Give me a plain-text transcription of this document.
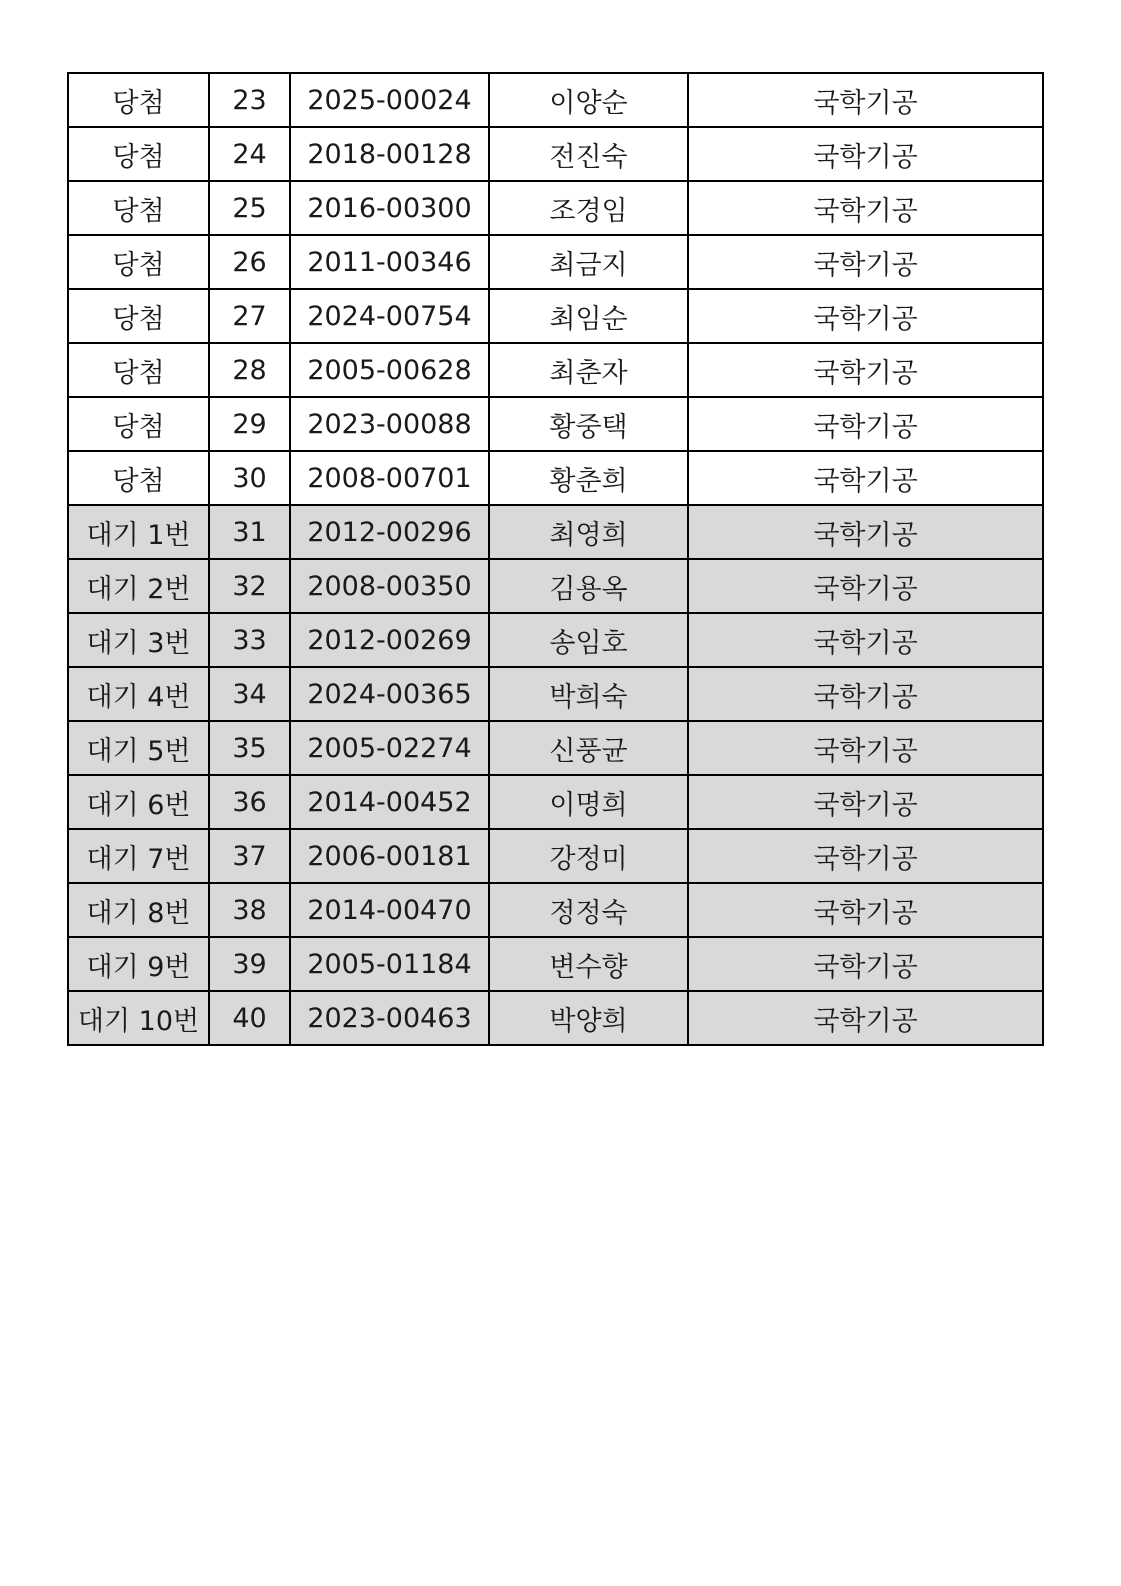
당첨	23	2025-00024	이양순	국학기공
당첨	24	2018-00128	전진숙	국학기공
당첨	25	2016-00300	조경임	국학기공
당첨	26	2011-00346	최금지	국학기공
당첨	27	2024-00754	최임순	국학기공
당첨	28	2005-00628	최춘자	국학기공
당첨	29	2023-00088	황중택	국학기공
당첨	30	2008-00701	황춘희	국학기공
대기 1번	31	2012-00296	최영희	국학기공
대기 2번	32	2008-00350	김용옥	국학기공
대기 3번	33	2012-00269	송임호	국학기공
대기 4번	34	2024-00365	박희숙	국학기공
대기 5번	35	2005-02274	신풍균	국학기공
대기 6번	36	2014-00452	이명희	국학기공
대기 7번	37	2006-00181	강정미	국학기공
대기 8번	38	2014-00470	정정숙	국학기공
대기 9번	39	2005-01184	변수향	국학기공
대기 10번	40	2023-00463	박양희	국학기공
